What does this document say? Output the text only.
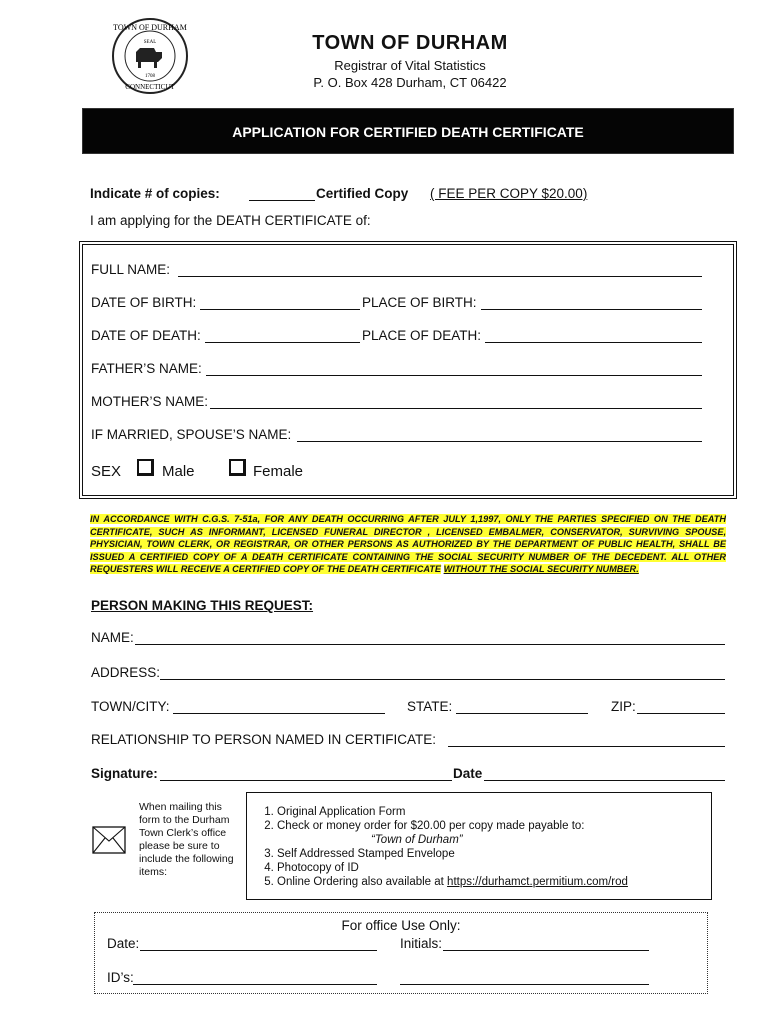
TOWN OF DURHAM
CONNECTICUT
SEAL
1708
TOWN OF DURHAM
Registrar of Vital Statistics
P. O. Box 428 Durham, CT 06422
APPLICATION FOR CERTIFIED DEATH CERTIFICATE
Indicate # of copies:	Certified Copy ( FEE PER COPY $20.00)
I am applying for the DEATH CERTIFICATE of:
FULL NAME:
DATE OF BIRTH:	PLACE OF BIRTH:
DATE OF DEATH:	PLACE OF DEATH:
FATHER’S NAME:
MOTHER’S NAME:
IF MARRIED, SPOUSE’S NAME:
SEX	Male	Female
IN ACCORDANCE WITH C.G.S. 7-51a, FOR ANY DEATH OCCURRING AFTER JULY 1,1997, ONLY THE PARTIES SPECIFIED ON THE DEATH CERTIFICATE, SUCH AS INFORMANT, LICENSED FUNERAL DIRECTOR , LICENSED EMBALMER, CONSERVATOR, SURVIVING SPOUSE, PHYSICIAN, TOWN CLERK, OR REGISTRAR, OR OTHER PERSONS AS AUTHORIZED BY THE DEPARTMENT OF PUBLIC HEALTH, SHALL BE ISSUED A CERTIFIED COPY OF A DEATH CERTIFICATE CONTAINING THE SOCIAL SECURITY NUMBER OF THE DECEDENT. ALL OTHER REQUESTERS WILL RECEIVE A CERTIFIED COPY OF THE DEATH CERTIFICATE WITHOUT THE SOCIAL SECURITY NUMBER.
PERSON MAKING THIS REQUEST:
NAME:
ADDRESS:
TOWN/CITY:	STATE:	ZIP:
RELATIONSHIP TO PERSON NAMED IN CERTIFICATE:
Signature:	Date
When mailing this form to the Durham Town Clerk’s office please be sure to include the following items:
1. Original Application Form
2. Check or money order for $20.00 per copy made payable to:
“Town of Durham”
3. Self Addressed Stamped Envelope
4. Photocopy of ID
5. Online Ordering also available at https://durhamct.permitium.com/rod
For office Use Only:
Date:	Initials:
ID’s:
